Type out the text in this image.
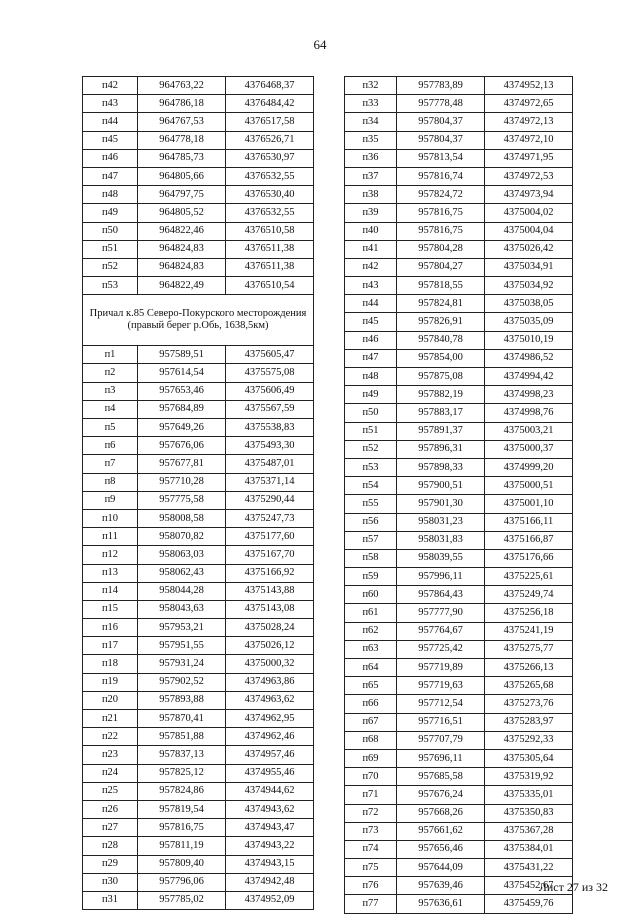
64
п42	964763,22	4376468,37
п43	964786,18	4376484,42
п44	964767,53	4376517,58
п45	964778,18	4376526,71
п46	964785,73	4376530,97
п47	964805,66	4376532,55
п48	964797,75	4376530,40
п49	964805,52	4376532,55
п50	964822,46	4376510,58
п51	964824,83	4376511,38
п52	964824,83	4376511,38
п53	964822,49	4376510,54
Причал к.85 Северо-Покурского месторождения (правый берег р.Обь, 1638,5км)		
п1	957589,51	4375605,47
п2	957614,54	4375575,08
п3	957653,46	4375606,49
п4	957684,89	4375567,59
п5	957649,26	4375538,83
п6	957676,06	4375493,30
п7	957677,81	4375487,01
п8	957710,28	4375371,14
п9	957775,58	4375290,44
п10	958008,58	4375247,73
п11	958070,82	4375177,60
п12	958063,03	4375167,70
п13	958062,43	4375166,92
п14	958044,28	4375143,88
п15	958043,63	4375143,08
п16	957953,21	4375028,24
п17	957951,55	4375026,12
п18	957931,24	4375000,32
п19	957902,52	4374963,86
п20	957893,88	4374963,62
п21	957870,41	4374962,95
п22	957851,88	4374962,46
п23	957837,13	4374957,46
п24	957825,12	4374955,46
п25	957824,86	4374944,62
п26	957819,54	4374943,62
п27	957816,75	4374943,47
п28	957811,19	4374943,22
п29	957809,40	4374943,15
п30	957796,06	4374942,48
п31	957785,02	4374952,09
п32	957783,89	4374952,13
п33	957778,48	4374972,65
п34	957804,37	4374972,13
п35	957804,37	4374972,10
п36	957813,54	4374971,95
п37	957816,74	4374972,53
п38	957824,72	4374973,94
п39	957816,75	4375004,02
п40	957816,75	4375004,04
п41	957804,28	4375026,42
п42	957804,27	4375034,91
п43	957818,55	4375034,92
п44	957824,81	4375038,05
п45	957826,91	4375035,09
п46	957840,78	4375010,19
п47	957854,00	4374986,52
п48	957875,08	4374994,42
п49	957882,19	4374998,23
п50	957883,17	4374998,76
п51	957891,37	4375003,21
п52	957896,31	4375000,37
п53	957898,33	4374999,20
п54	957900,51	4375000,51
п55	957901,30	4375001,10
п56	958031,23	4375166,11
п57	958031,83	4375166,87
п58	958039,55	4375176,66
п59	957996,11	4375225,61
п60	957864,43	4375249,74
п61	957777,90	4375256,18
п62	957764,67	4375241,19
п63	957725,42	4375275,77
п64	957719,89	4375266,13
п65	957719,63	4375265,68
п66	957712,54	4375273,76
п67	957716,51	4375283,97
п68	957707,79	4375292,33
п69	957696,11	4375305,64
п70	957685,58	4375319,92
п71	957676,24	4375335,01
п72	957668,26	4375350,83
п73	957661,62	4375367,28
п74	957656,46	4375384,01
п75	957644,09	4375431,22
п76	957639,46	4375452,67
п77	957636,61	4375459,76
Лист 27 из 32
